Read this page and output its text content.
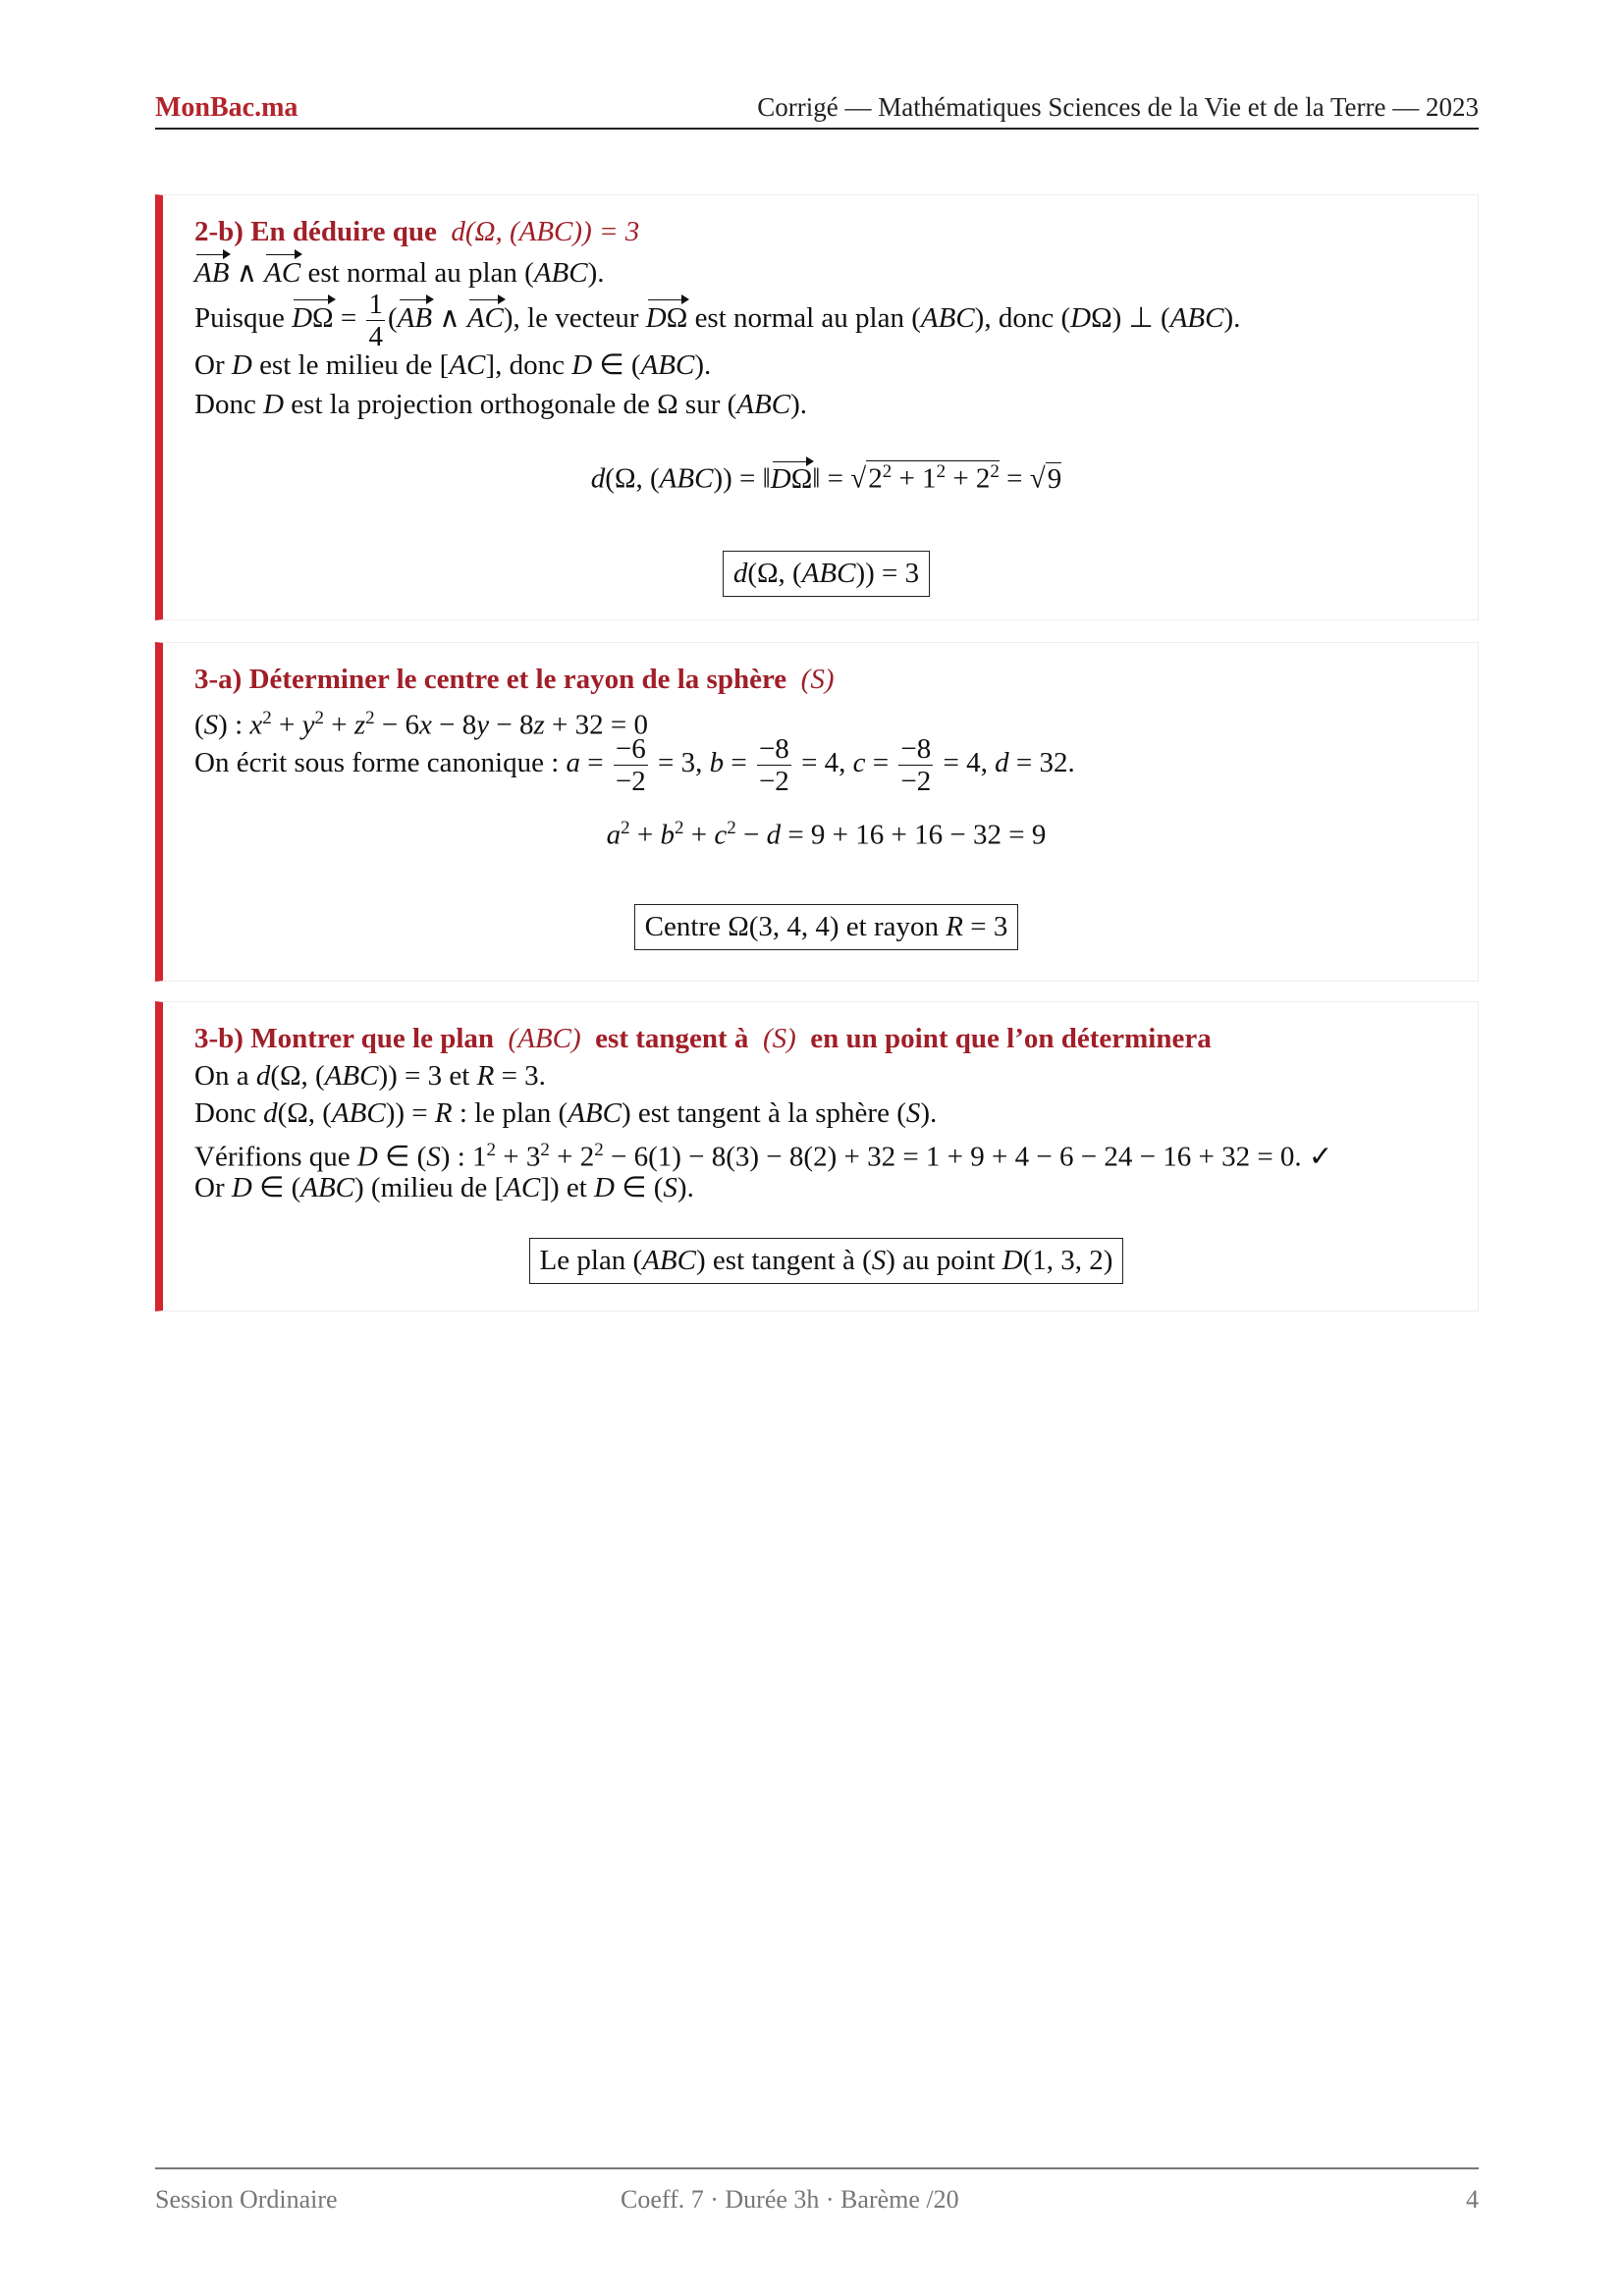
MonBac.ma	Corrigé — Mathématiques Sciences de la Vie et de la Terre — 2023
2-b) En déduire que d(Ω, (ABC)) = 3
AB ∧ AC est normal au plan (ABC).
Puisque $D\Omega = \frac{1}{4} (AB$ ∧ AC), le vecteur DΩ est normal au plan (ABC), donc (DΩ) ⊥ (ABC).
Or D est le milieu de [AC], donc D ∈ (ABC).
Donc D est la projection orthogonale de Ω sur (ABC).
d(Ω, (ABC)) = ‖DΩ‖ = $√2^2 + 1^2 + 2^2 = √9$
d(Ω, (ABC)) = 3
3-a) Déterminer le centre et le rayon de la sphère  (S)
(S) : $x^2 + y^2 + z^2 - 6x - 8y - 8z + 32 = 0$
On écrit sous forme canonique : $a = \frac{-6}{-2} = 3$, $b = \frac{-8}{-2} = 4$, $c = \frac{-8}{-2} = 4$, d = 32.
$a^2 + b^2 + c^2 - d = 9 + 16 + 16 - 32 = 9$
Centre Ω(3, 4, 4) et rayon R = 3
3-b) Montrer que le plan  (ABC)  est tangent à  (S)  en un point que l’on déterminera
On a d(Ω, (ABC)) = 3 et R = 3.
Donc d(Ω, (ABC)) = R : le plan (ABC) est tangent à la sphère (S).
Vérifions que D ∈ (S) : $1^2 + 3^2 + 2^2 - 6(1) - 8(3) - 8(2) + 32 = 1 + 9 + 4 - 6 - 24 - 16 + 32 = 0$. ✓
Or D ∈ (ABC) (milieu de [AC]) et D ∈ (S).
Le plan (ABC) est tangent à (S) au point D(1, 3, 2)
Session Ordinaire	Coeff. 7 · Durée 3h · Barème /20	4
